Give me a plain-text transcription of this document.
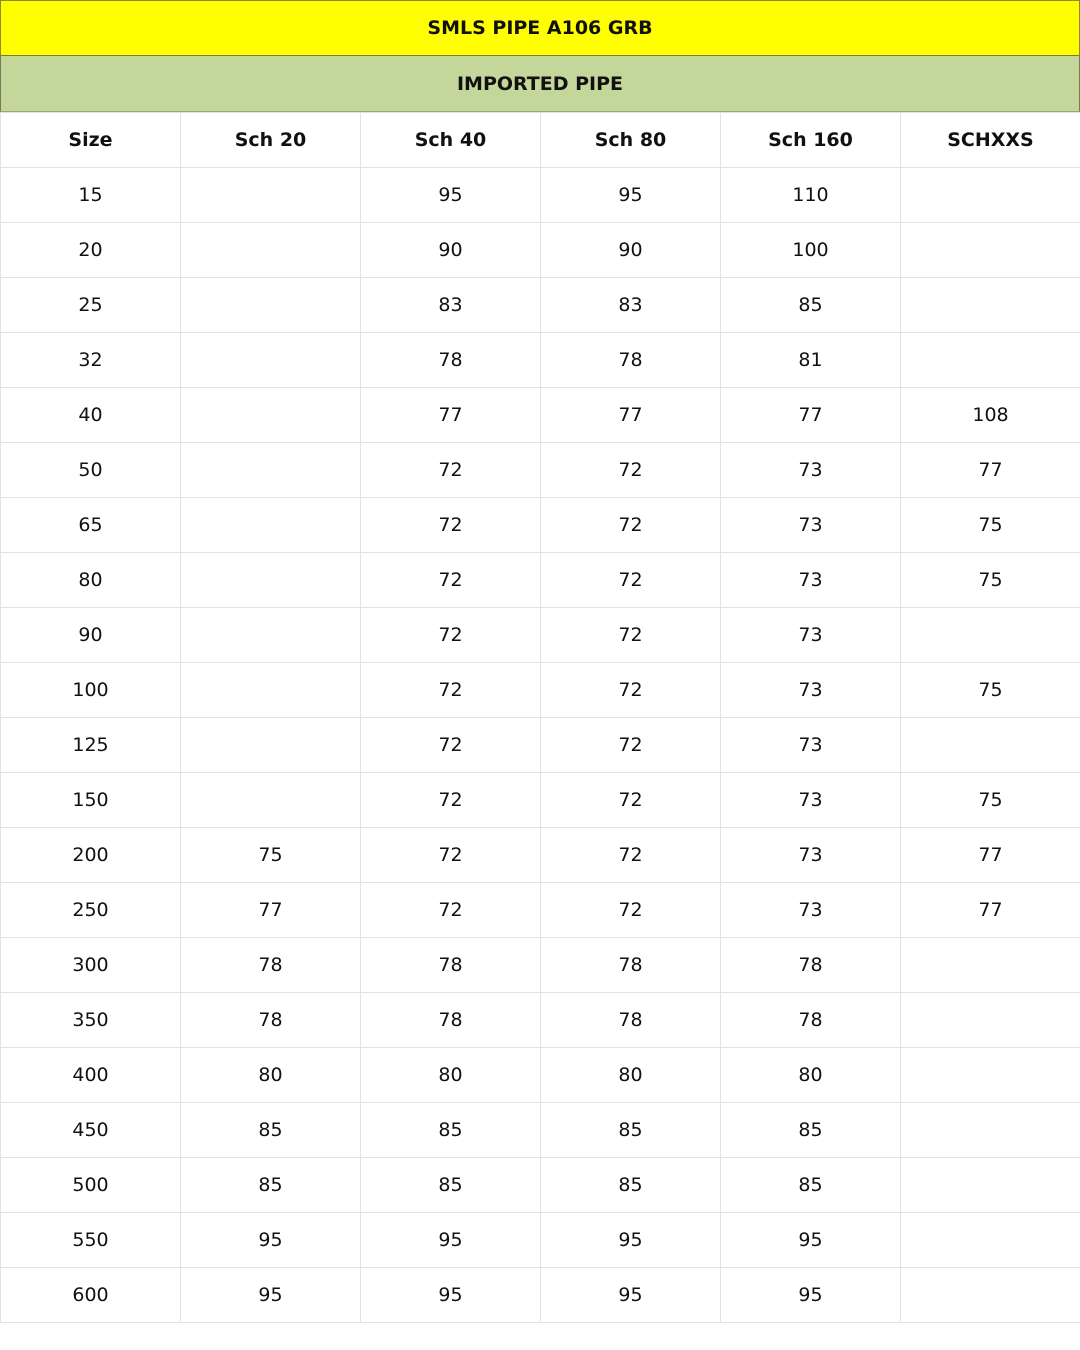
SMLS PIPE A106 GRB
IMPORTED PIPE
Size	Sch 20	Sch 40	Sch 80	Sch 160	SCHXXS
15		95	95	110	
20		90	90	100	
25		83	83	85	
32		78	78	81	
40		77	77	77	108
50		72	72	73	77
65		72	72	73	75
80		72	72	73	75
90		72	72	73	
100		72	72	73	75
125		72	72	73	
150		72	72	73	75
200	75	72	72	73	77
250	77	72	72	73	77
300	78	78	78	78	
350	78	78	78	78	
400	80	80	80	80	
450	85	85	85	85	
500	85	85	85	85	
550	95	95	95	95	
600	95	95	95	95	
